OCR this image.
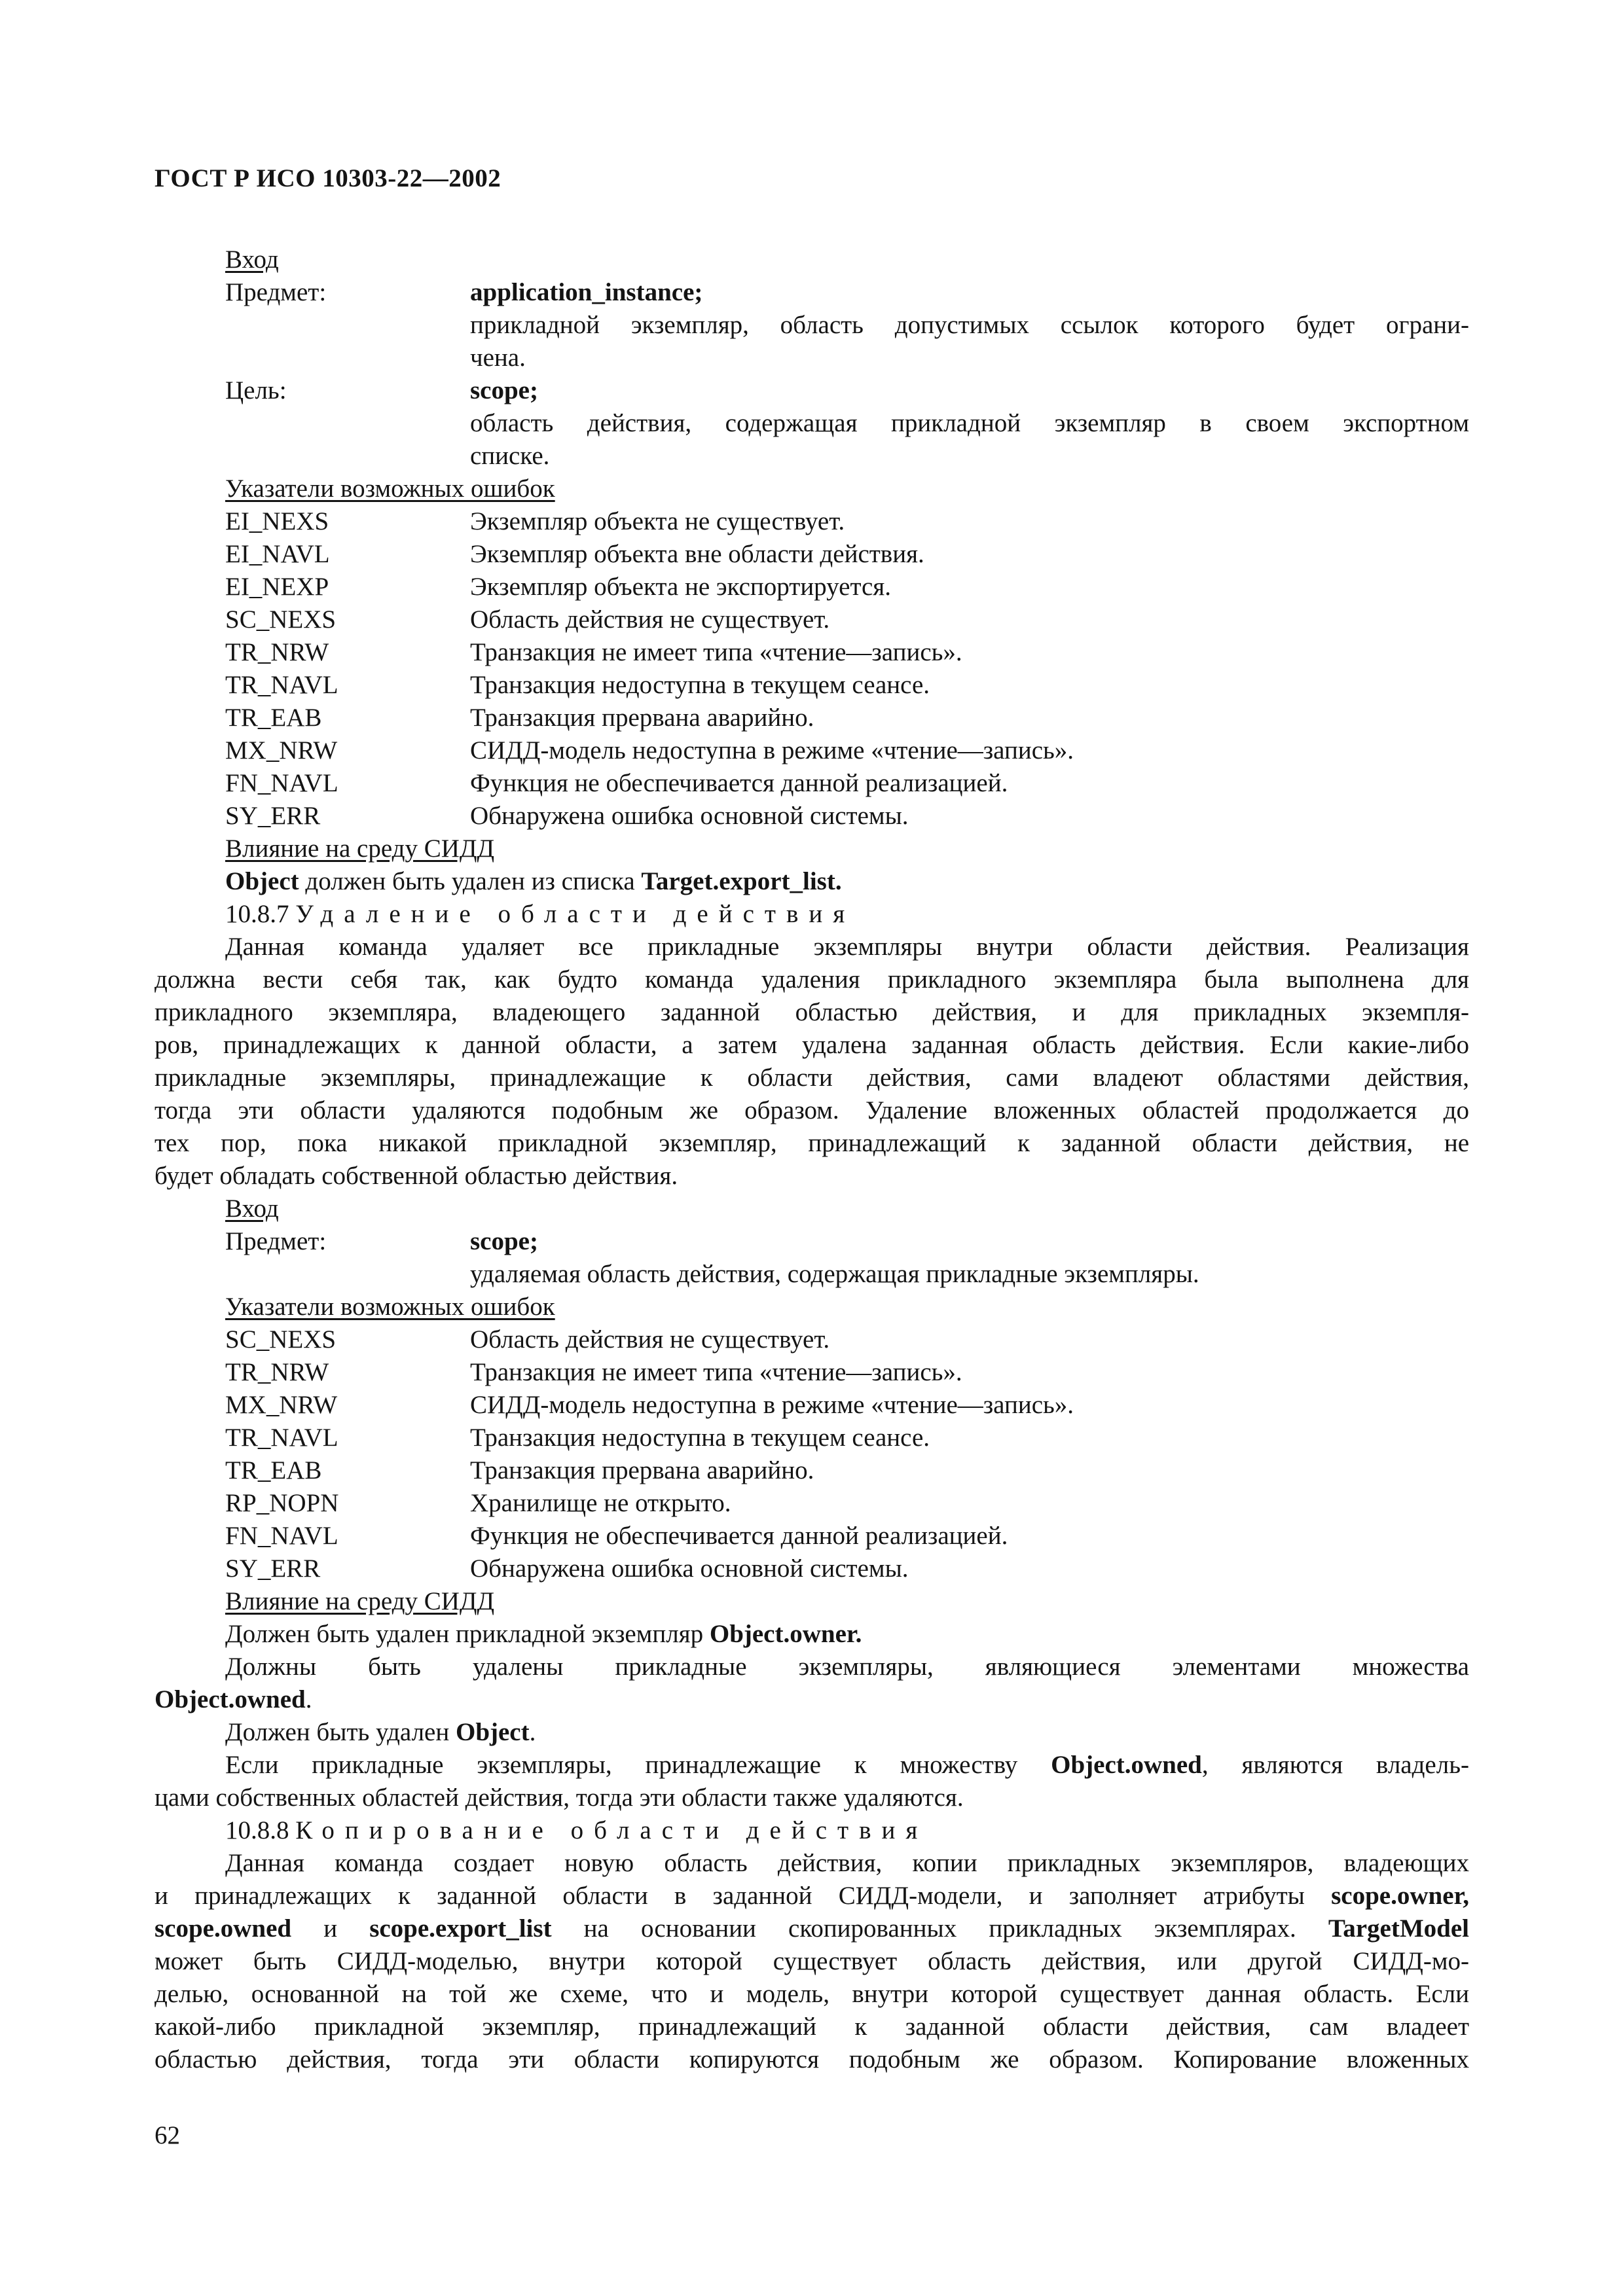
ГОСТ Р ИСО 10303-22—2002
Вход
Предмет:	application_instance;
прикладной экземпляр, область допустимых ссылок которого будет ограни-
чена.
Цель:	scope;
область действия, содержащая прикладной экземпляр в своем экспортном
списке.
Указатели возможных ошибок
EI_NEXS	Экземпляр объекта не существует.
EI_NAVL	Экземпляр объекта вне области действия.
EI_NEXP	Экземпляр объекта не экспортируется.
SC_NEXS	Область действия не существует.
TR_NRW	Транзакция не имеет типа «чтение—запись».
TR_NAVL	Транзакция недоступна в текущем сеансе.
TR_EAB	Транзакция прервана аварийно.
MX_NRW	СИДД-модель недоступна в режиме «чтение—запись».
FN_NAVL	Функция не обеспечивается данной реализацией.
SY_ERR	Обнаружена ошибка основной системы.
Влияние на среду СИДД
Object должен быть удален из списка Target.export_list.
10.8.7 Удаление области действия
Данная команда удаляет все прикладные экземпляры внутри области действия. Реализация
должна вести себя так, как будто команда удаления прикладного экземпляра была выполнена для
прикладного экземпляра, владеющего заданной областью действия, и для прикладных экземпля-
ров, принадлежащих к данной области, а затем удалена заданная область действия. Если какие-либо
прикладные экземпляры, принадлежащие к области действия, сами владеют областями действия,
тогда эти области удаляются подобным же образом. Удаление вложенных областей продолжается до
тех пор, пока никакой прикладной экземпляр, принадлежащий к заданной области действия, не
будет обладать собственной областью действия.
Вход
Предмет:	scope;
удаляемая область действия, содержащая прикладные экземпляры.
Указатели возможных ошибок
SC_NEXS	Область действия не существует.
TR_NRW	Транзакция не имеет типа «чтение—запись».
MX_NRW	СИДД-модель недоступна в режиме «чтение—запись».
TR_NAVL	Транзакция недоступна в текущем сеансе.
TR_EAB	Транзакция прервана аварийно.
RP_NOPN	Хранилище не открыто.
FN_NAVL	Функция не обеспечивается данной реализацией.
SY_ERR	Обнаружена ошибка основной системы.
Влияние на среду СИДД
Должен быть удален прикладной экземпляр Object.owner.
Должны быть удалены прикладные экземпляры, являющиеся элементами множества
Object.owned.
Должен быть удален Object.
Если прикладные экземпляры, принадлежащие к множеству Object.owned, являются владель-
цами собственных областей действия, тогда эти области также удаляются.
10.8.8 Копирование области действия
Данная команда создает новую область действия, копии прикладных экземпляров, владеющих
и принадлежащих к заданной области в заданной СИДД-модели, и заполняет атрибуты scope.owner,
scope.owned и scope.export_list на основании скопированных прикладных экземплярах. TargetModel
может быть СИДД-моделью, внутри которой существует область действия, или другой СИДД-мо-
делью, основанной на той же схеме, что и модель, внутри которой существует данная область. Если
какой-либо прикладной экземпляр, принадлежащий к заданной области действия, сам владеет
областью действия, тогда эти области копируются подобным же образом. Копирование вложенных
62
